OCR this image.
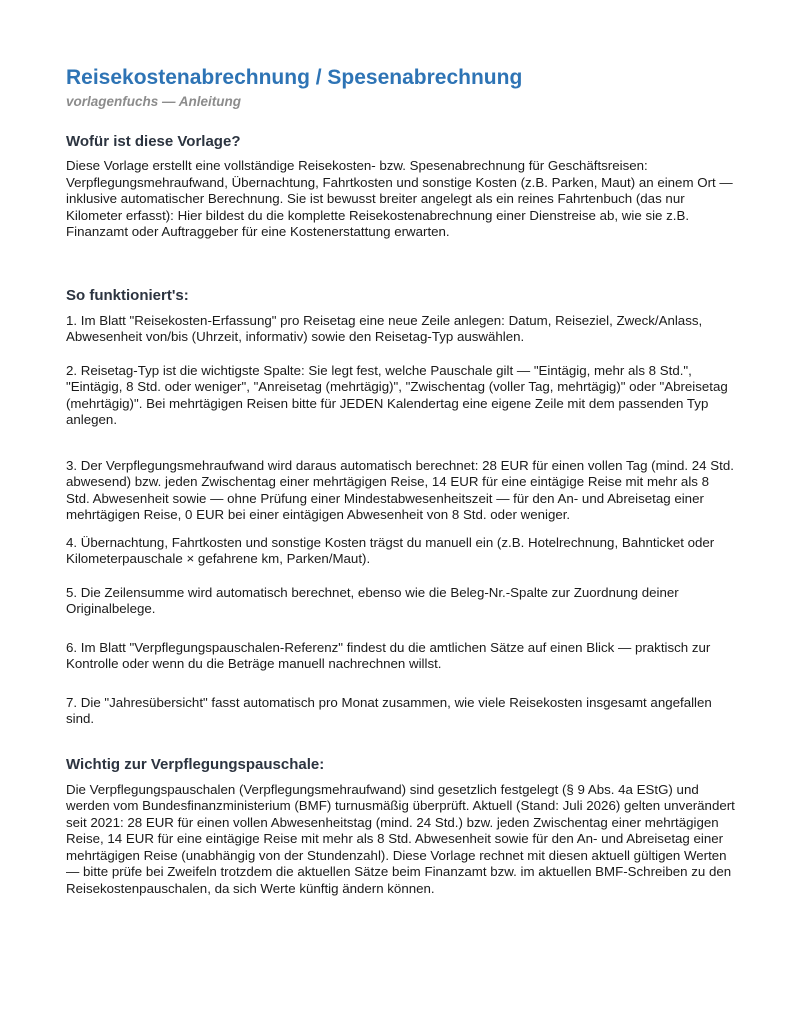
Reisekostenabrechnung / Spesenabrechnung
vorlagenfuchs — Anleitung
Wofür ist diese Vorlage?

Diese Vorlage erstellt eine vollständige Reisekosten- bzw. Spesenabrechnung für Geschäftsreisen: Verpflegungsmehraufwand, Übernachtung, Fahrtkosten und sonstige Kosten (z.B. Parken, Maut) an einem Ort — inklusive automatischer Berechnung. Sie ist bewusst breiter angelegt als ein reines Fahrtenbuch (das nur Kilometer erfasst): Hier bildest du die komplette Reisekostenabrechnung einer Dienstreise ab, wie sie z.B. Finanzamt oder Auftraggeber für eine Kostenerstattung erwarten.

So funktioniert's:

1. Im Blatt "Reisekosten-Erfassung" pro Reisetag eine neue Zeile anlegen: Datum, Reiseziel, Zweck/Anlass, Abwesenheit von/bis (Uhrzeit, informativ) sowie den Reisetag-Typ auswählen.

2. Reisetag-Typ ist die wichtigste Spalte: Sie legt fest, welche Pauschale gilt — "Eintägig, mehr als 8 Std.", "Eintägig, 8 Std. oder weniger", "Anreisetag (mehrtägig)", "Zwischentag (voller Tag, mehrtägig)" oder "Abreisetag (mehrtägig)". Bei mehrtägigen Reisen bitte für JEDEN Kalendertag eine eigene Zeile mit dem passenden Typ anlegen.

3. Der Verpflegungsmehraufwand wird daraus automatisch berechnet: 28 EUR für einen vollen Tag (mind. 24 Std. abwesend) bzw. jeden Zwischentag einer mehrtägigen Reise, 14 EUR für eine eintägige Reise mit mehr als 8 Std. Abwesenheit sowie — ohne Prüfung einer Mindestabwesenheitszeit — für den An- und Abreisetag einer mehrtägigen Reise, 0 EUR bei einer eintägigen Abwesenheit von 8 Std. oder weniger.

4. Übernachtung, Fahrtkosten und sonstige Kosten trägst du manuell ein (z.B. Hotelrechnung, Bahnticket oder Kilometerpauschale × gefahrene km, Parken/Maut).

5. Die Zeilensumme wird automatisch berechnet, ebenso wie die Beleg-Nr.-Spalte zur Zuordnung deiner Originalbelege.

6. Im Blatt "Verpflegungspauschalen-Referenz" findest du die amtlichen Sätze auf einen Blick — praktisch zur Kontrolle oder wenn du die Beträge manuell nachrechnen willst.

7. Die "Jahresübersicht" fasst automatisch pro Monat zusammen, wie viele Reisekosten insgesamt angefallen sind.

Wichtig zur Verpflegungspauschale:

Die Verpflegungspauschalen (Verpflegungsmehraufwand) sind gesetzlich festgelegt (§ 9 Abs. 4a EStG) und werden vom Bundesfinanzministerium (BMF) turnusmäßig überprüft. Aktuell (Stand: Juli 2026) gelten unverändert seit 2021: 28 EUR für einen vollen Abwesenheitstag (mind. 24 Std.) bzw. jeden Zwischentag einer mehrtägigen Reise, 14 EUR für eine eintägige Reise mit mehr als 8 Std. Abwesenheit sowie für den An- und Abreisetag einer mehrtägigen Reise (unabhängig von der Stundenzahl). Diese Vorlage rechnet mit diesen aktuell gültigen Werten — bitte prüfe bei Zweifeln trotzdem die aktuellen Sätze beim Finanzamt bzw. im aktuellen BMF-Schreiben zu den Reisekostenpauschalen, da sich Werte künftig ändern können.
